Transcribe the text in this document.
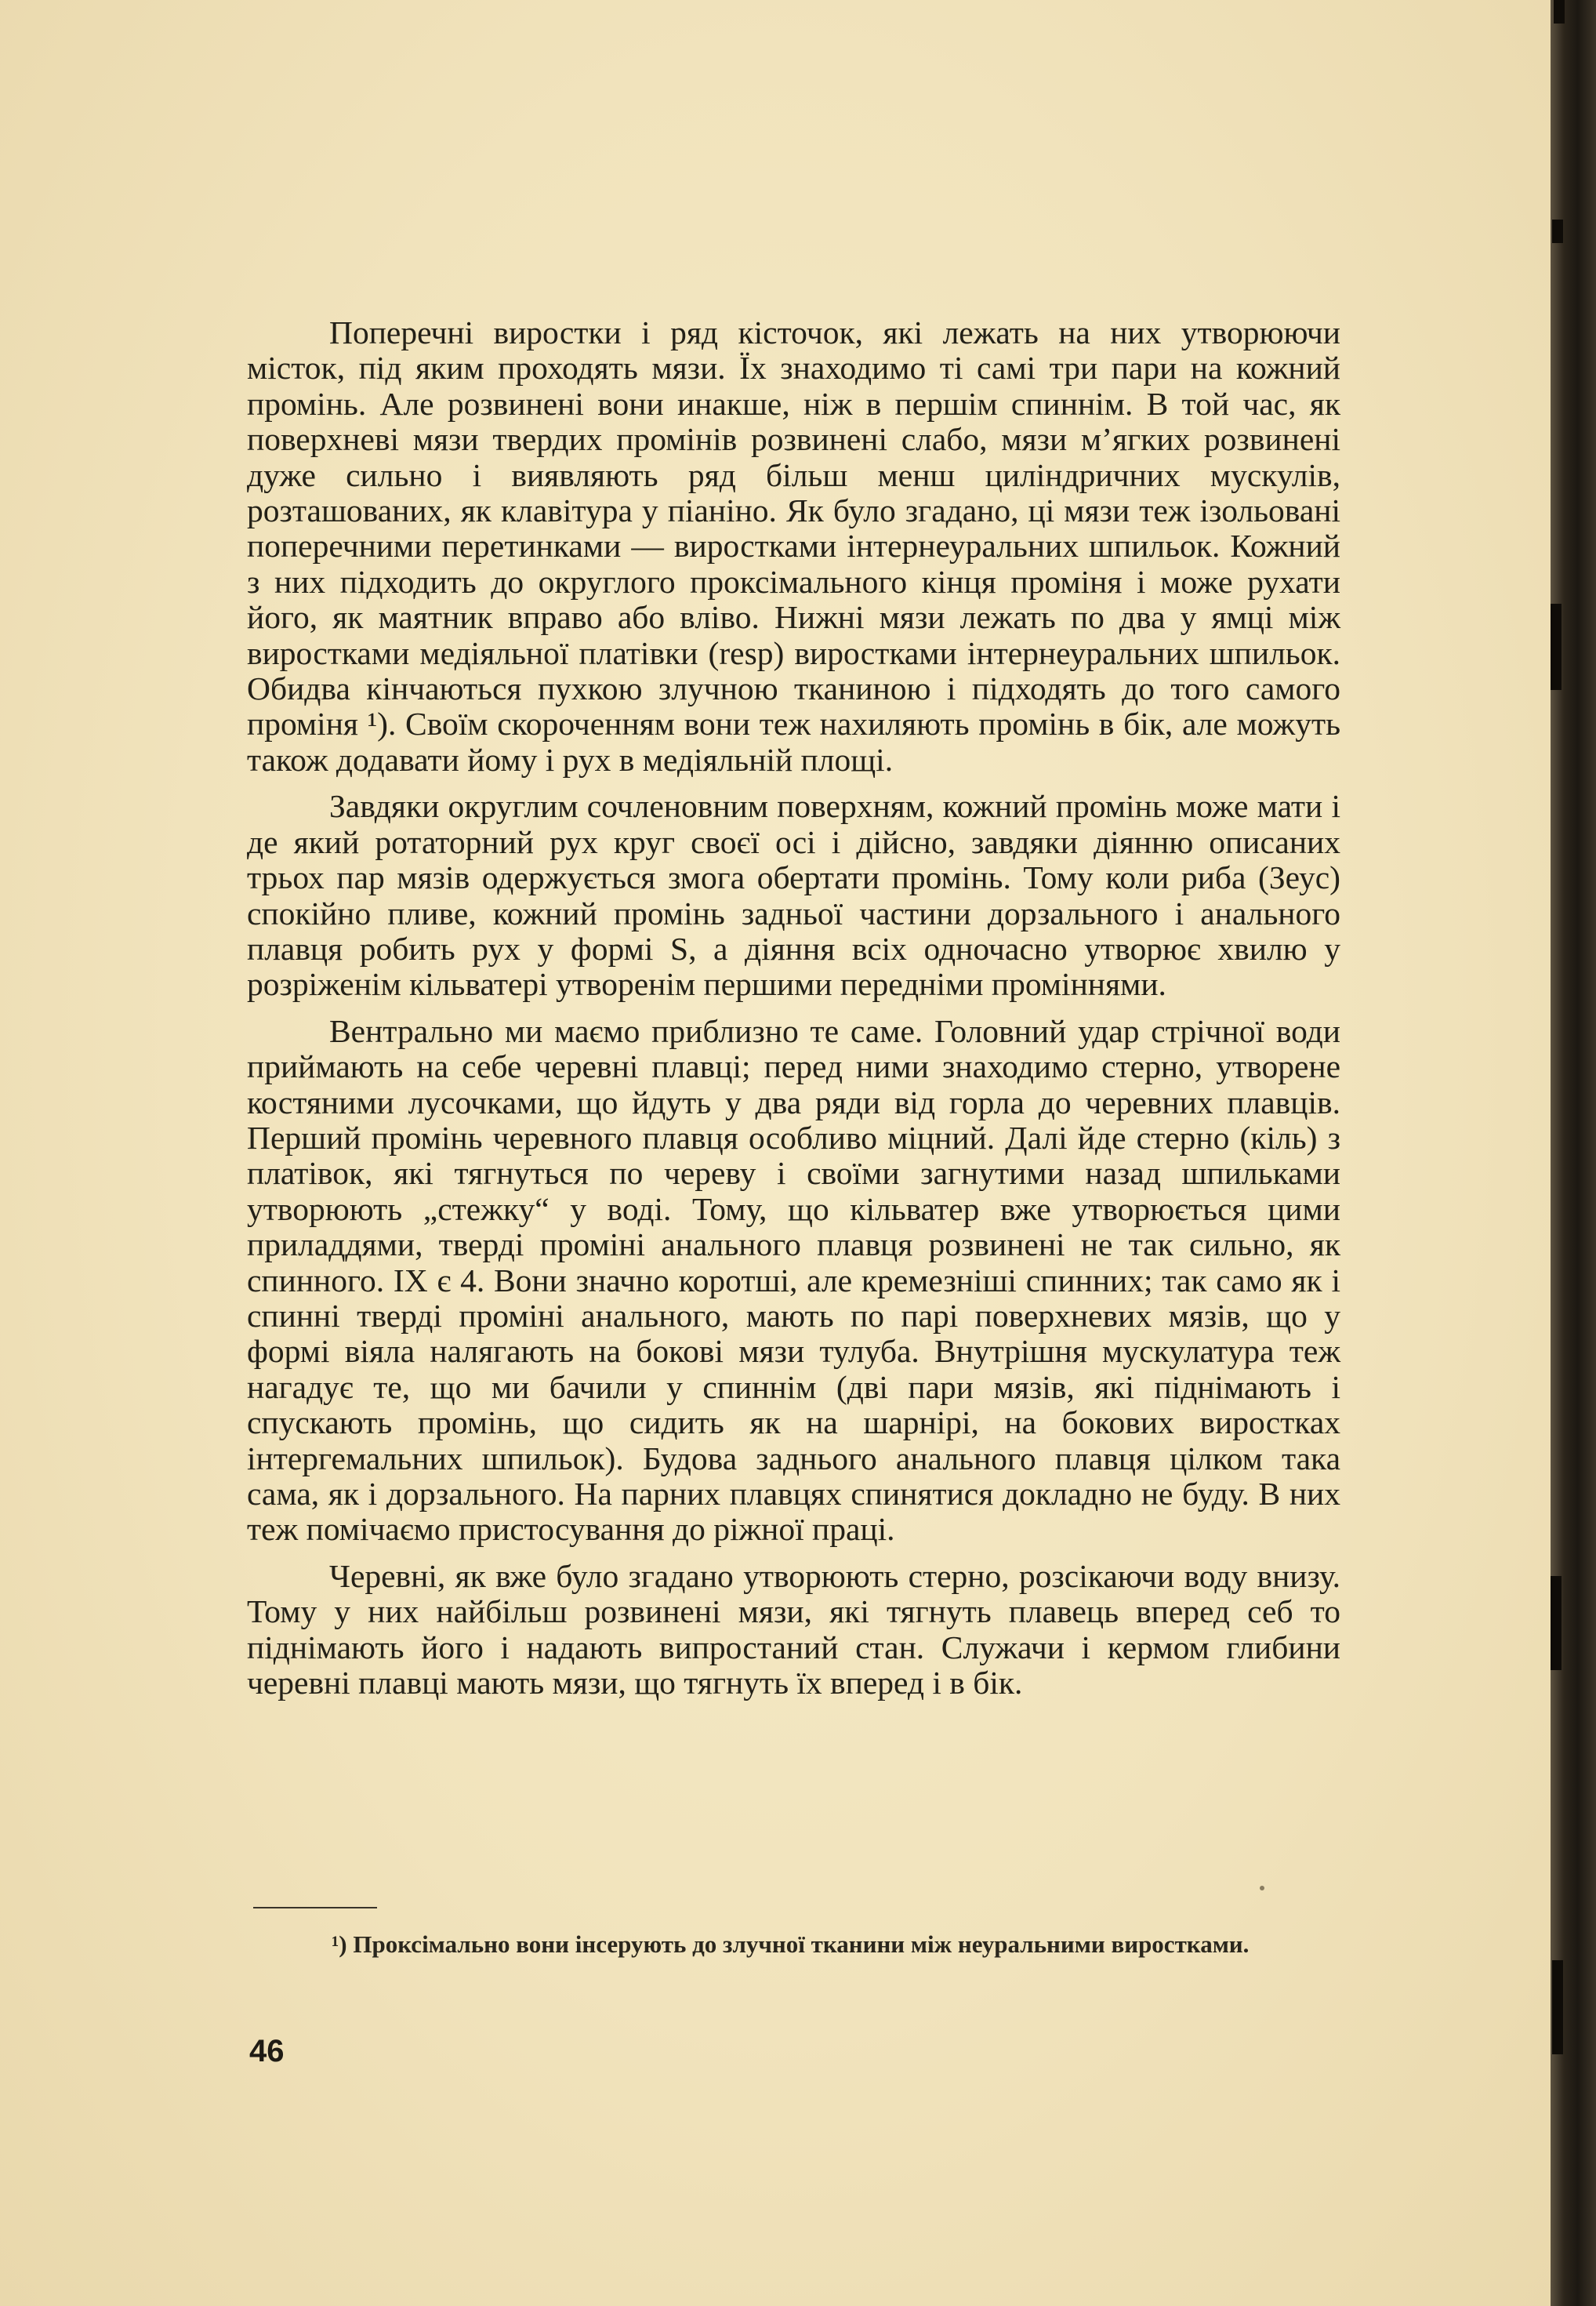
Поперечні виростки і ряд кісточок, які лежать на них утворюючи місток, під яким проходять мязи. Їх знаходимо ті самі три пари на кожний промінь. Але розвинені вони инакше, ніж в першім спиннім. В той час, як поверхневі мязи твердих промінів розвинені слабо, мязи м’ягких розвинені дуже сильно і виявляють ряд більш менш циліндричних мускулів, розташованих, як клавітура у піаніно. Як було згадано, ці мязи теж ізольовані поперечними перетинками — виростками інтернеуральних шпильок. Кожний з них підходить до округлого проксімального кінця проміня і може рухати його, як маятник вправо або вліво. Нижні мязи лежать по два у ямці між виростками медіяльної платівки (resp) виростками інтернеуральних шпильок. Обидва кінчаються пухкою злучною тканиною і підходять до того самого проміня ¹). Своїм скороченням вони теж нахиляють промінь в бік, але можуть також додавати йому і рух в медіяльній площі.

Завдяки округлим сочленовним поверхням, кожний промінь може мати і де який ротаторний рух круг своєї осі і дійсно, завдяки діянню описаних трьох пар мязів одержується змога обертати промінь. Тому коли риба (Зеус) спокійно пливе, кожний промінь задньої частини дорзального і анального плавця робить рух у формі S, а діяння всіх одночасно утворює хвилю у розріженім кільватері утворенім першими передніми проміннями.

Вентрально ми маємо приблизно те саме. Головний удар стрічної води приймають на себе черевні плавці; перед ними знаходимо стерно, утворене костяними лусочками, що йдуть у два ряди від горла до черевних плавців. Перший промінь черевного плавця особливо міцний. Далі йде стерно (кіль) з платівок, які тягнуться по череву і своїми загнутими назад шпильками утворюють „стежку“ у воді. Тому, що кільватер вже утворюється цими приладдями, тверді проміні анального плавця розвинені не так сильно, як спинного. ІХ є 4. Вони значно коротші, але кремезніші спинних; так само як і спинні тверді проміні анального, мають по парі поверхневих мязів, що у формі віяла налягають на бокові мязи тулуба. Внутрішня мускулатура теж нагадує те, що ми бачили у спиннім (дві пари мязів, які піднімають і спускають промінь, що сидить як на шарнірі, на бокових виростках інтергемальних шпильок). Будова заднього анального плавця цілком така сама, як і дорзального. На парних плавцях спинятися докладно не буду. В них теж помічаємо пристосування до ріжної праці.

Черевні, як вже було згадано утворюють стерно, розсікаючи воду внизу. Тому у них найбільш розвинені мязи, які тягнуть плавець вперед себ то піднімають його і надають випростаний стан. Служачи і кермом глибини черевні плавці мають мязи, що тягнуть їх вперед і в бік.

¹) Проксімально вони інсерують до злучної тканини між неуральними виростками.
46
